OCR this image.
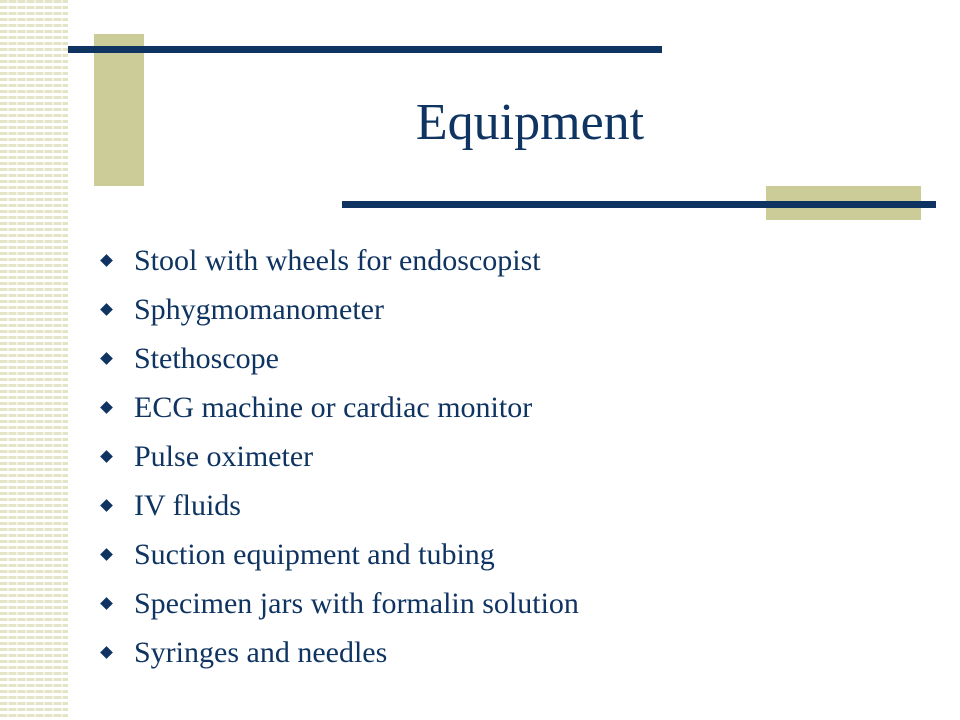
Equipment
Stool with wheels for endoscopist
Sphygmomanometer
Stethoscope
ECG machine or cardiac monitor
Pulse oximeter
IV fluids
Suction equipment and tubing
Specimen jars with formalin solution
Syringes and needles
